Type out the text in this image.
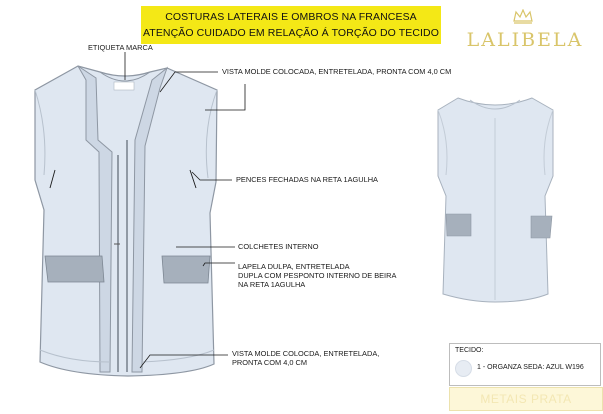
COSTURAS LATERAIS E OMBROS NA FRANCESA
ATENÇÃO CUIDADO EM RELAÇÃO Á TORÇÃO DO TECIDO LALIBELA
ETIQUETA MARCA
VISTA MOLDE COLOCADA, ENTRETELADA, PRONTA COM 4,0 CM
PENCES FECHADAS NA RETA 1AGULHA
COLCHETES INTERNO
LAPELA DULPA, ENTRETELADA
DUPLA COM PESPONTO INTERNO DE BEIRA
NA RETA 1AGULHA
VISTA MOLDE COLOCDA, ENTRETELADA,
PRONTA COM 4,0 CM
TECIDO:
1 - ORGANZA SEDA: AZUL W196
METAIS PRATA
